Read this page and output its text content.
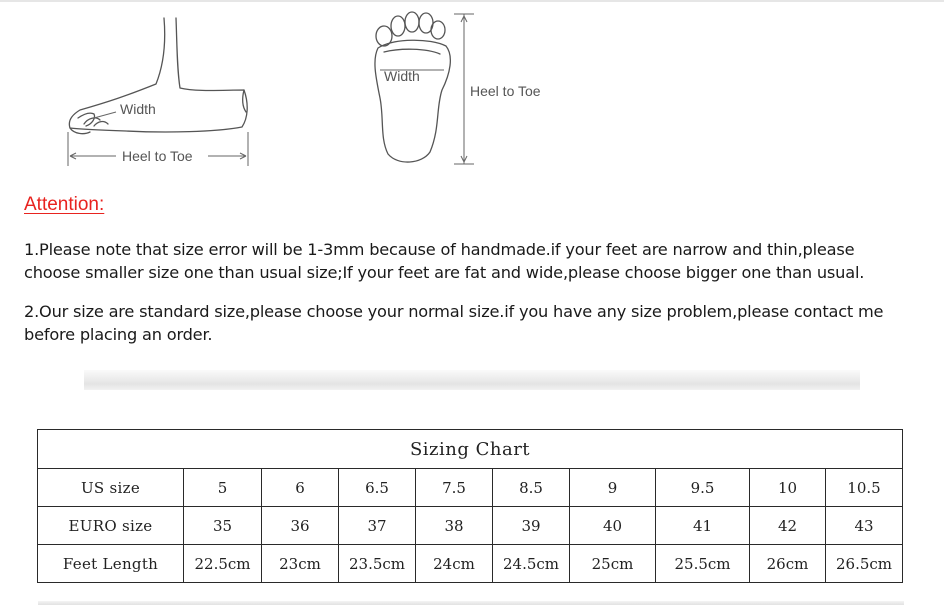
Width
Heel to Toe
Width
Heel to Toe
Attention:

1.Please note that size error will be 1-3mm because of handmade.if your feet are narrow and thin,please

choose smaller size one than usual size;If your feet are fat and wide,please choose bigger one than usual.

2.Our size are standard size,please choose your normal size.if you have any size problem,please contact me

before placing an order.

Sizing Chart									
US size	5	6	6.5	7.5	8.5	9	9.5	10	10.5
EURO size	35	36	37	38	39	40	41	42	43
Feet Length	22.5cm	23cm	23.5cm	24cm	24.5cm	25cm	25.5cm	26cm	26.5cm
